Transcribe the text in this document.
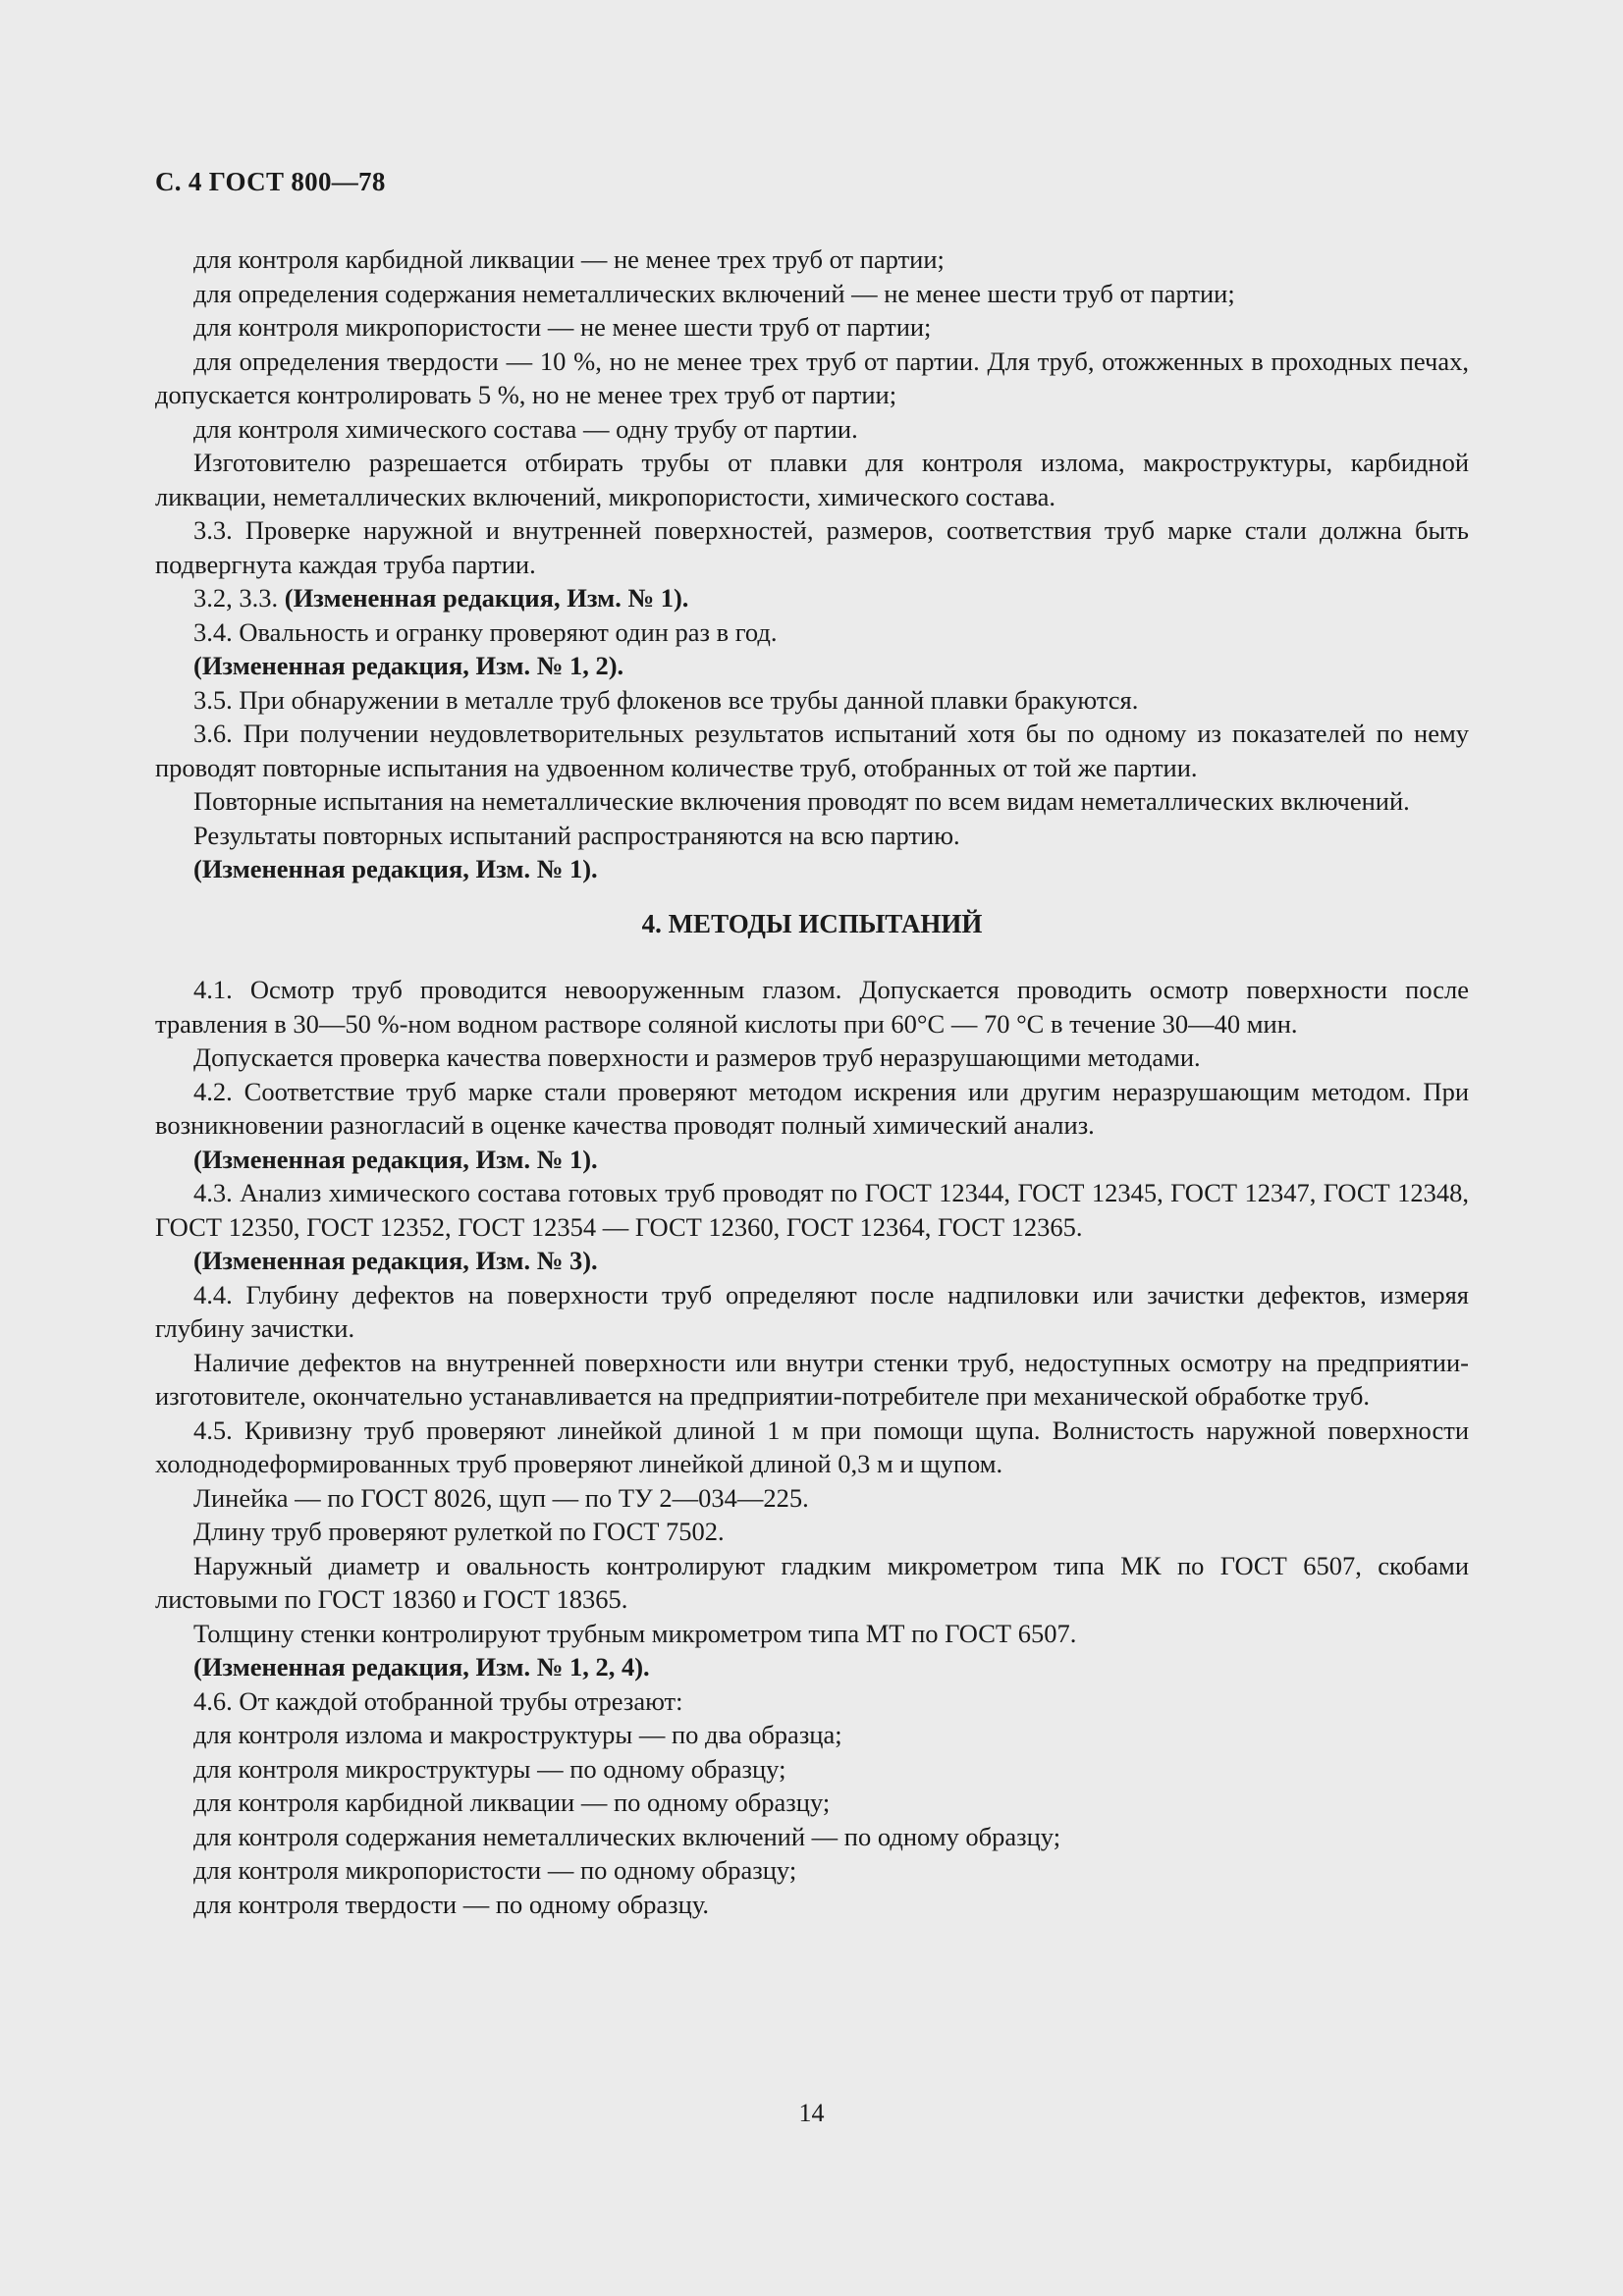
С. 4 ГОСТ 800—78

для контроля карбидной ликвации — не менее трех труб от партии;

для определения содержания неметаллических включений — не менее шести труб от партии;

для контроля микропористости — не менее шести труб от партии;

для определения твердости — 10 %, но не менее трех труб от партии. Для труб, отожженных в проходных печах, допускается контролировать 5 %, но не менее трех труб от партии;

для контроля химического состава — одну трубу от партии.

Изготовителю разрешается отбирать трубы от плавки для контроля излома, макроструктуры, карбидной ликвации, неметаллических включений, микропористости, химического состава.

3.3. Проверке наружной и внутренней поверхностей, размеров, соответствия труб марке стали должна быть подвергнута каждая труба партии.

3.2, 3.3. (Измененная редакция, Изм. № 1).

3.4. Овальность и огранку проверяют один раз в год.

(Измененная редакция, Изм. № 1, 2).

3.5. При обнаружении в металле труб флокенов все трубы данной плавки бракуются.

3.6. При получении неудовлетворительных результатов испытаний хотя бы по одному из показателей по нему проводят повторные испытания на удвоенном количестве труб, отобранных от той же партии.

Повторные испытания на неметаллические включения проводят по всем видам неметаллических включений.

Результаты повторных испытаний распространяются на всю партию.

(Измененная редакция, Изм. № 1).

4. МЕТОДЫ ИСПЫТАНИЙ

4.1. Осмотр труб проводится невооруженным глазом. Допускается проводить осмотр поверхности после травления в 30—50 %-ном водном растворе соляной кислоты при 60°С — 70 °С в течение 30—40 мин.

Допускается проверка качества поверхности и размеров труб неразрушающими методами.

4.2. Соответствие труб марке стали проверяют методом искрения или другим неразрушающим методом. При возникновении разногласий в оценке качества проводят полный химический анализ.

(Измененная редакция, Изм. № 1).

4.3. Анализ химического состава готовых труб проводят по ГОСТ 12344, ГОСТ 12345, ГОСТ 12347, ГОСТ 12348, ГОСТ 12350, ГОСТ 12352, ГОСТ 12354 — ГОСТ 12360, ГОСТ 12364, ГОСТ 12365.

(Измененная редакция, Изм. № 3).

4.4. Глубину дефектов на поверхности труб определяют после надпиловки или зачистки дефектов, измеряя глубину зачистки.

Наличие дефектов на внутренней поверхности или внутри стенки труб, недоступных осмотру на предприятии-изготовителе, окончательно устанавливается на предприятии-потребителе при механической обработке труб.

4.5. Кривизну труб проверяют линейкой длиной 1 м при помощи щупа. Волнистость наружной поверхности холоднодеформированных труб проверяют линейкой длиной 0,3 м и щупом.

Линейка — по ГОСТ 8026, щуп — по ТУ 2—034—225.

Длину труб проверяют рулеткой по ГОСТ 7502.

Наружный диаметр и овальность контролируют гладким микрометром типа МК по ГОСТ 6507, скобами листовыми по ГОСТ 18360 и ГОСТ 18365.

Толщину стенки контролируют трубным микрометром типа МТ по ГОСТ 6507.

(Измененная редакция, Изм. № 1, 2, 4).

4.6. От каждой отобранной трубы отрезают:

для контроля излома и макроструктуры — по два образца;

для контроля микроструктуры — по одному образцу;

для контроля карбидной ликвации — по одному образцу;

для контроля содержания неметаллических включений — по одному образцу;

для контроля микропористости — по одному образцу;

для контроля твердости — по одному образцу.

14
